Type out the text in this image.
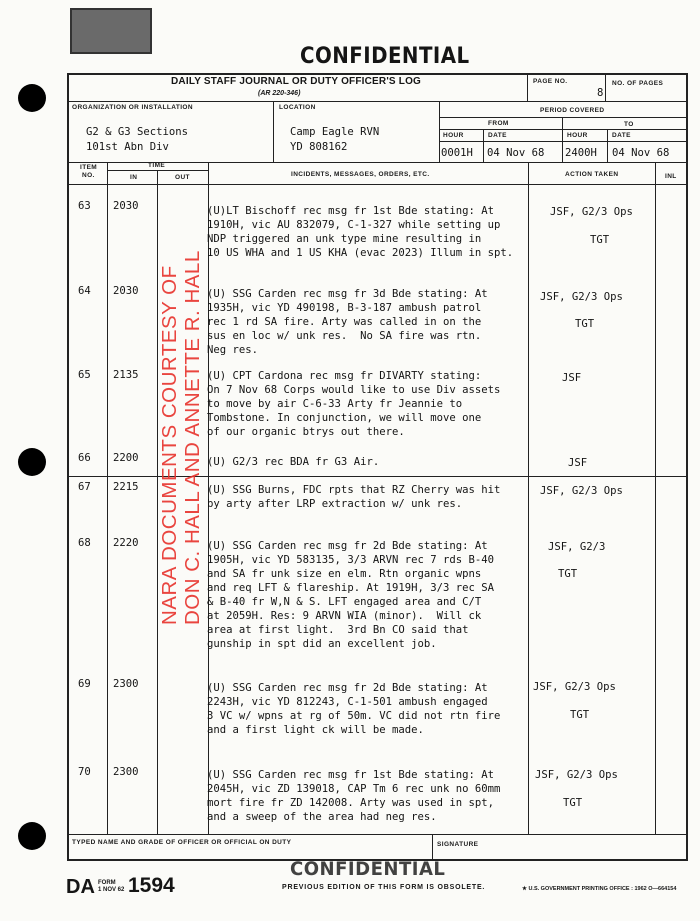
CONFIDENTIAL
DAILY STAFF JOURNAL OR DUTY OFFICER'S LOG
(AR 220-346)
PAGE NO.
8
NO. OF PAGES
ORGANIZATION OR INSTALLATION	LOCATION	PERIOD COVERED
FROM	TO
HOUR	DATE	HOUR	DATE
G2 & G3 Sections
101st Abn Div
Camp Eagle RVN
YD 808162	0001H 04 Nov 68 2400H 04 Nov 68
ITEM
NO.
TIME
IN	OUT	INCIDENTS, MESSAGES, ORDERS, ETC.	ACTION TAKEN	INL
TYPED NAME AND GRADE OF OFFICER OR OFFICIAL ON DUTY	SIGNATURE
63 2030	(U)LT Bischoff rec msg fr 1st Bde stating: At
1910H, vic AU 832079, C-1-327 while setting up
NDP triggered an unk type mine resulting in
10 US WHA and 1 US KHA (evac 2023) Illum in spt.
JSF, G2/3 Ops
TGT
64 2030	(U) SSG Carden rec msg fr 3d Bde stating: At
1935H, vic YD 490198, B-3-187 ambush patrol
rec 1 rd SA fire. Arty was called in on the
sus en loc w/ unk res.  No SA fire was rtn.
Neg res.
JSF, G2/3 Ops
TGT
65 2135	(U) CPT Cardona rec msg fr DIVARTY stating:
On 7 Nov 68 Corps would like to use Div assets
to move by air C-6-33 Arty fr Jeannie to
Tombstone. In conjunction, we will move one
of our organic btrys out there.
JSF
66 2200	(U) G2/3 rec BDA fr G3 Air.	JSF
67 2215	(U) SSG Burns, FDC rpts that RZ Cherry was hit
by arty after LRP extraction w/ unk res.
JSF, G2/3 Ops
68 2220	(U) SSG Carden rec msg fr 2d Bde stating: At
1905H, vic YD 583135, 3/3 ARVN rec 7 rds B-40
and SA fr unk size en elm. Rtn organic wpns
and req LFT & flareship. At 1919H, 3/3 rec SA
& B-40 fr W,N & S. LFT engaged area and C/T
at 2059H. Res: 9 ARVN WIA (minor).  Will ck
area at first light.  3rd Bn CO said that
gunship in spt did an excellent job.
JSF, G2/3
TGT
69 2300	(U) SSG Carden rec msg fr 2d Bde stating: At
2243H, vic YD 812243, C-1-501 ambush engaged
3 VC w/ wpns at rg of 50m. VC did not rtn fire
and a first light ck will be made.
JSF, G2/3 Ops
TGT
70 2300	(U) SSG Carden rec msg fr 1st Bde stating: At
2045H, vic ZD 139018, CAP Tm 6 rec unk no 60mm
mort fire fr ZD 142008. Arty was used in spt,
and a sweep of the area had neg res.
JSF, G2/3 Ops
TGT
NARA DOCUMENTS COURTESY OF DON C. HALL AND ANNETTE R. HALL
CONFIDENTIAL
DA FORM
1 NOV 62 1594	PREVIOUS EDITION OF THIS FORM IS OBSOLETE.	★ U.S. GOVERNMENT PRINTING OFFICE : 1962 O—664154
